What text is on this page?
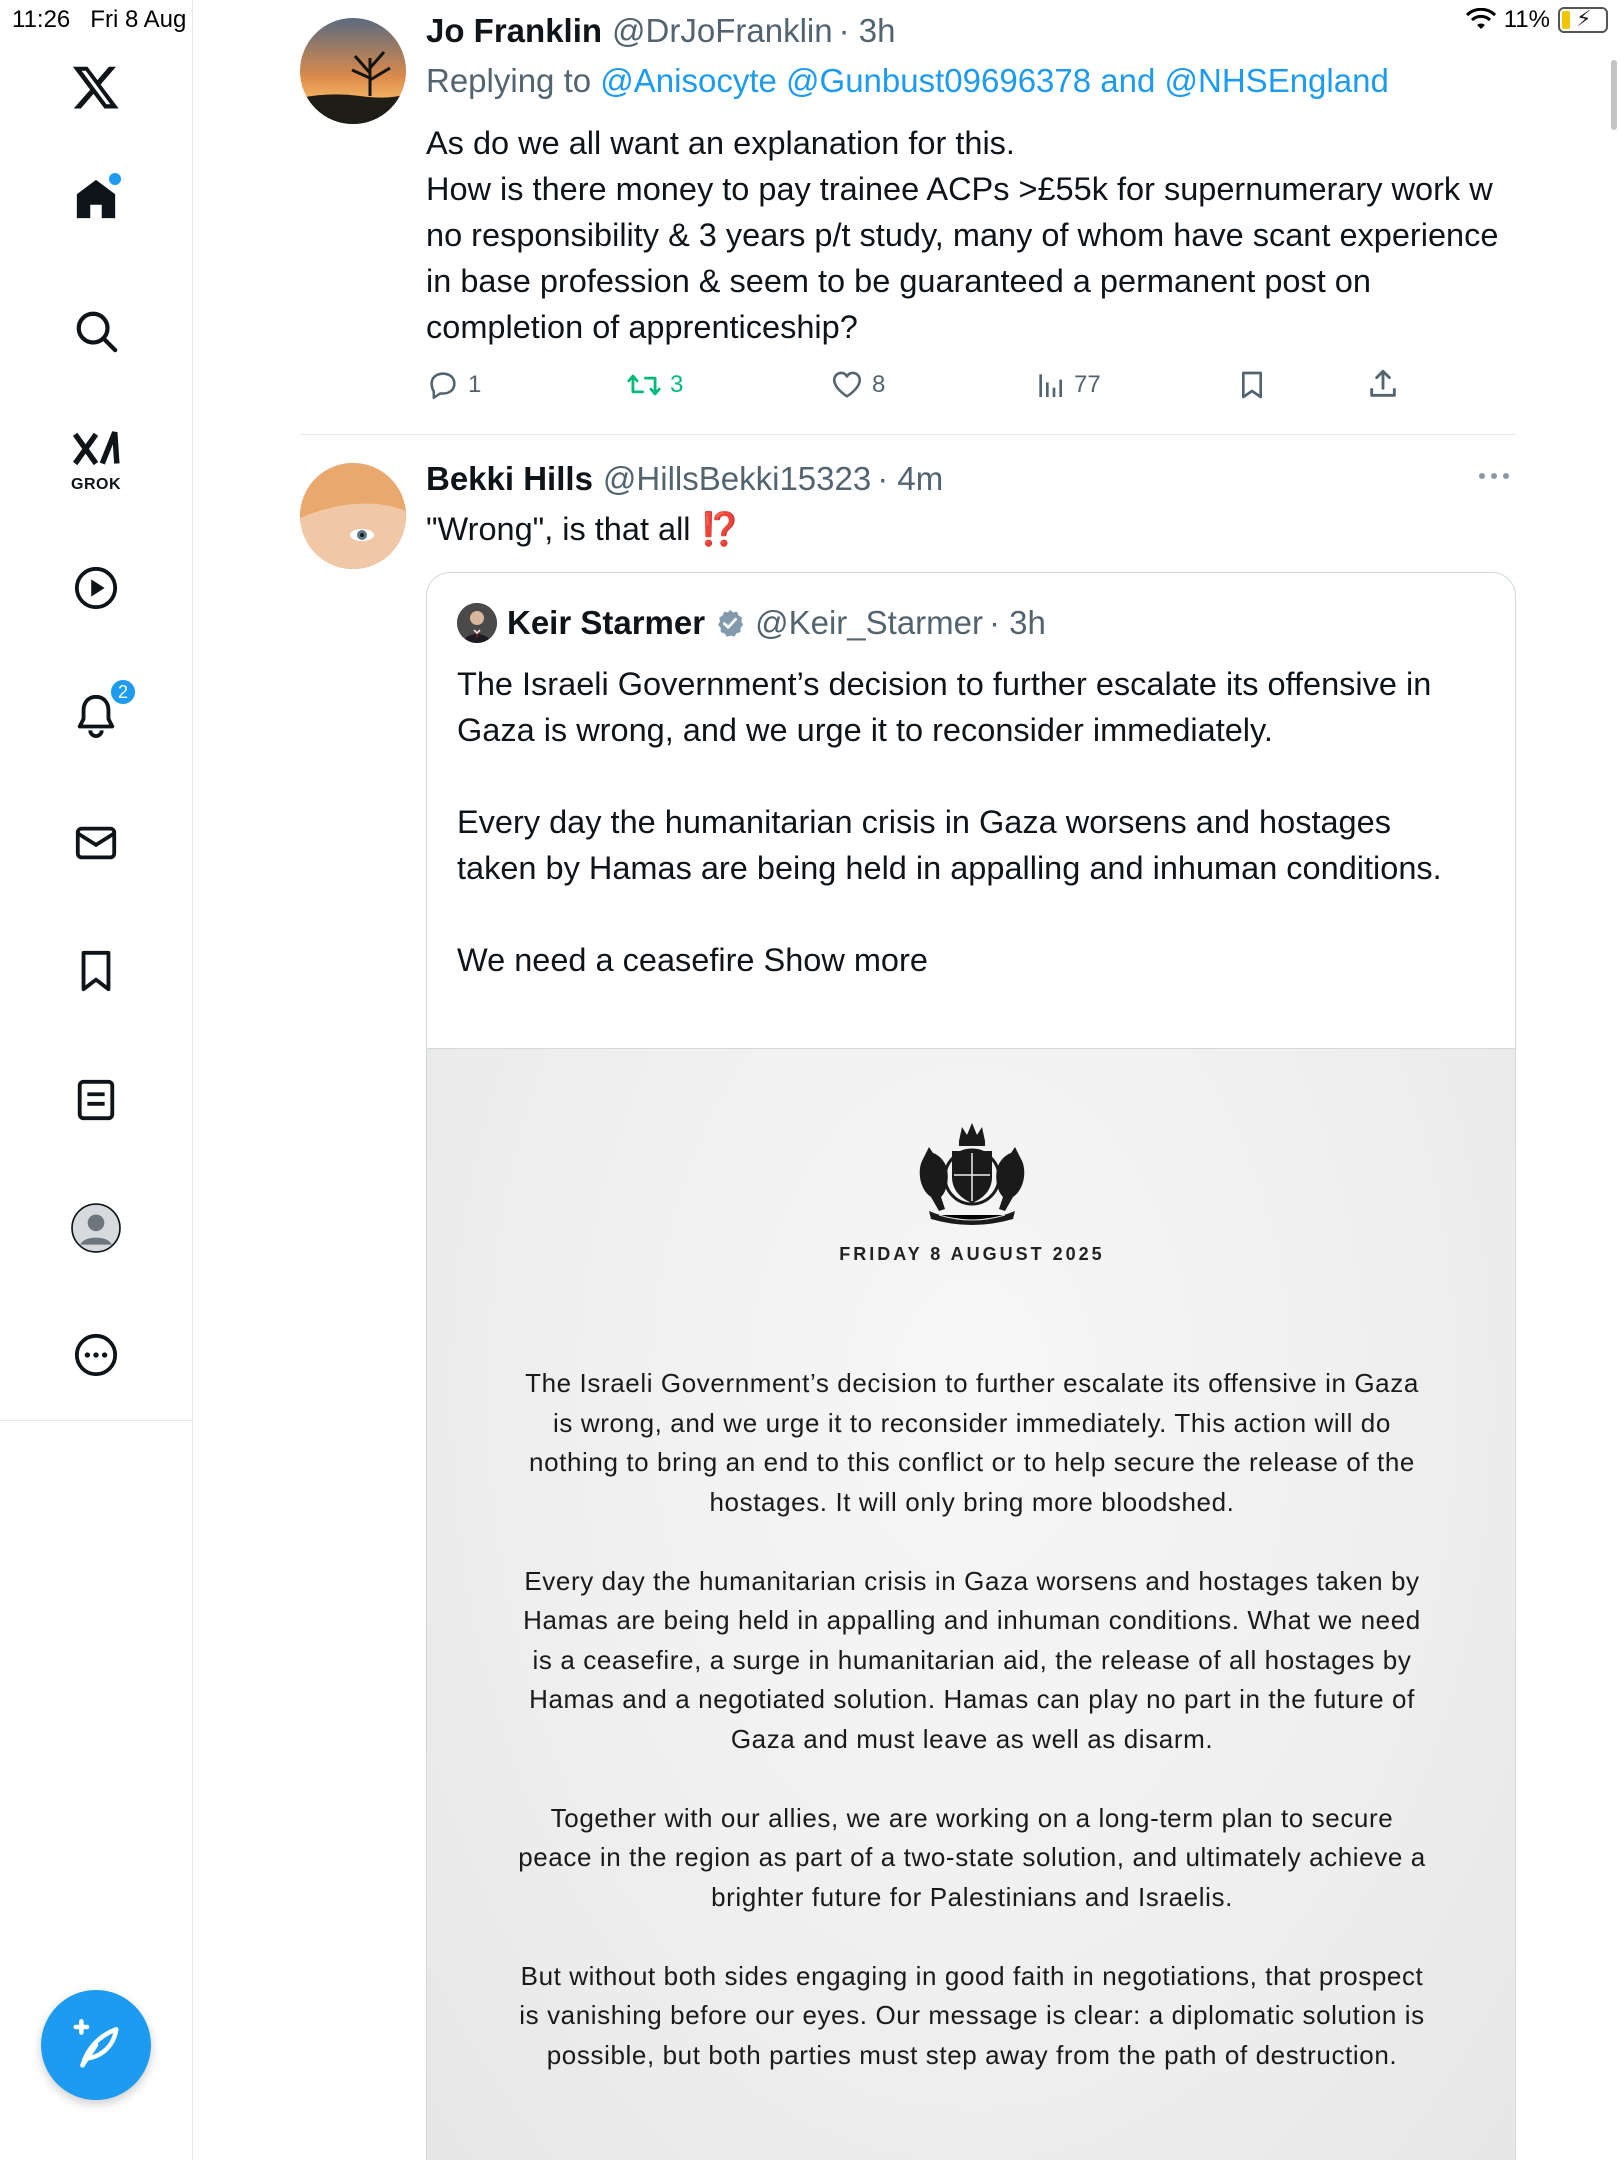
11:26 Fri 8 Aug	11% ⚡
GROK
2
Jo Franklin @DrJoFranklin · 3h
Replying to @Anisocyte @Gunbust09696378 and @NHSEngland
As do we all want an explanation for this.
How is there money to pay trainee ACPs >£55k for supernumerary work w no responsibility & 3 years p/t study, many of whom have scant experience in base profession & seem to be guaranteed a permanent post on completion of apprenticeship?
1	3	8	77
Bekki Hills @HillsBekki15323 · 4m
"Wrong", is that all ⁉️
Keir Starmer @Keir_Starmer · 3h
The Israeli Government’s decision to further escalate its offensive in Gaza is wrong, and we urge it to reconsider immediately.

Every day the humanitarian crisis in Gaza worsens and hostages taken by Hamas are being held in appalling and inhuman conditions.

We need a ceasefire Show more
FRIDAY 8 AUGUST 2025

The Israeli Government’s decision to further escalate its offensive in Gaza is wrong, and we urge it to reconsider immediately. This action will do nothing to bring an end to this conflict or to help secure the release of the hostages. It will only bring more bloodshed.

Every day the humanitarian crisis in Gaza worsens and hostages taken by Hamas are being held in appalling and inhuman conditions. What we need is a ceasefire, a surge in humanitarian aid, the release of all hostages by Hamas and a negotiated solution. Hamas can play no part in the future of Gaza and must leave as well as disarm.

Together with our allies, we are working on a long-term plan to secure peace in the region as part of a two-state solution, and ultimately achieve a brighter future for Palestinians and Israelis.

But without both sides engaging in good faith in negotiations, that prospect is vanishing before our eyes. Our message is clear: a diplomatic solution is possible, but both parties must step away from the path of destruction.
